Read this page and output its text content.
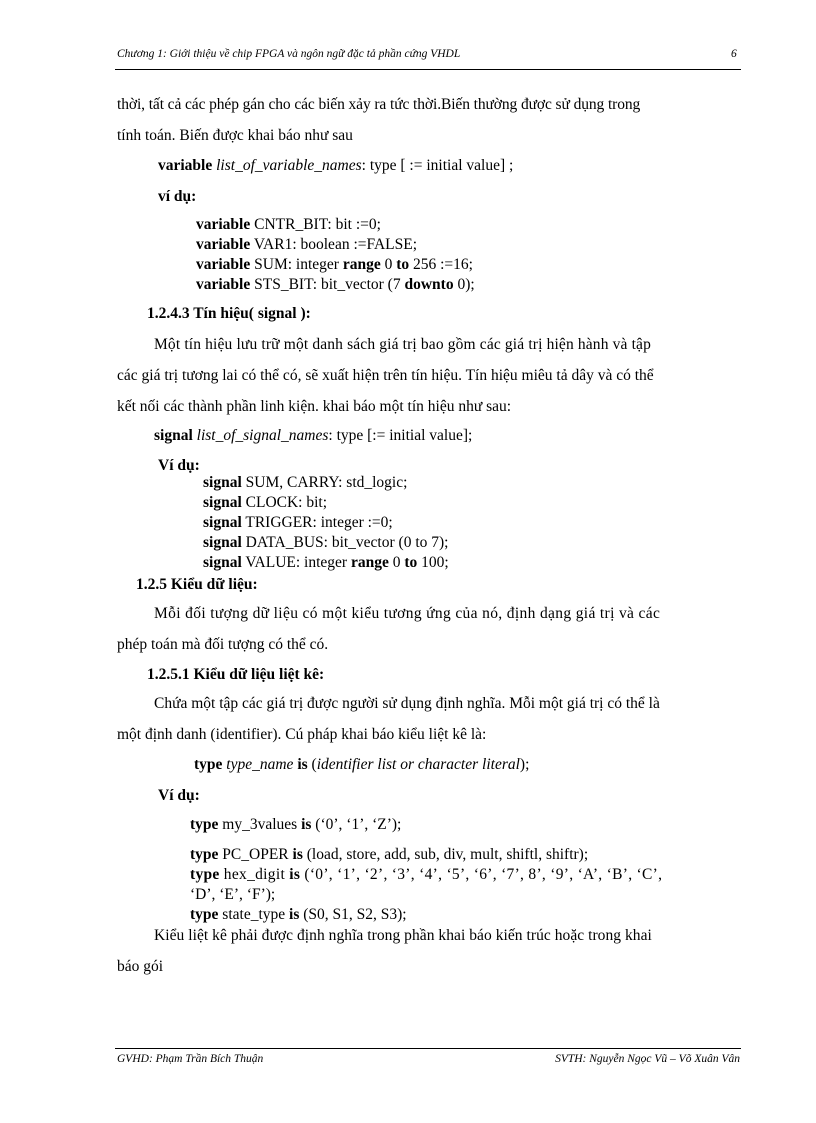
Chương 1: Giới thiệu về chip FPGA và ngôn ngữ đặc tả phần cứng VHDL	6
thời, tất cả các phép gán cho các biến xảy ra tức thời.Biến thường được sử dụng trong
tính toán. Biến được khai báo như sau
variable list_of_variable_names: type [ := initial value] ;
ví dụ:
variable CNTR_BIT: bit :=0;
variable VAR1: boolean :=FALSE;
variable SUM: integer range 0 to 256 :=16;
variable STS_BIT: bit_vector (7 downto 0);
1.2.4.3 Tín hiệu( signal ):
Một tín hiệu lưu trữ một danh sách giá trị bao gồm các giá trị hiện hành và tập
các giá trị tương lai có thể có, sẽ xuất hiện trên tín hiệu. Tín hiệu miêu tả dây và có thể
kết nối các thành phần linh kiện. khai báo một tín hiệu như sau:
signal list_of_signal_names: type [:= initial value];
Ví dụ:
signal SUM, CARRY: std_logic;
signal CLOCK: bit;
signal TRIGGER: integer :=0;
signal DATA_BUS: bit_vector (0 to 7);
signal VALUE: integer range 0 to 100;
1.2.5 Kiểu dữ liệu:
Mỗi đối tượng dữ liệu có một kiểu tương ứng của nó, định dạng giá trị và các
phép toán mà đối tượng có thể có.
1.2.5.1 Kiểu dữ liệu liệt kê:
Chứa một tập các giá trị được người sử dụng định nghĩa. Mỗi một giá trị có thể là
một định danh (identifier). Cú pháp khai báo kiểu liệt kê là:
type type_name is (identifier list or character literal);
Ví dụ:
type my_3values is (‘0’, ‘1’, ‘Z’);
type PC_OPER is (load, store, add, sub, div, mult, shiftl, shiftr);
type hex_digit is (‘0’, ‘1’, ‘2’, ‘3’, ‘4’, ‘5’, ‘6’, ‘7’, 8’, ‘9’, ‘A’, ‘B’, ‘C’,
‘D’, ‘E’, ‘F’);
type state_type is (S0, S1, S2, S3);
Kiểu liệt kê phải được định nghĩa trong phần khai báo kiến trúc hoặc trong khai
báo gói
GVHD: Phạm Trần Bích Thuận	SVTH: Nguyễn Ngọc Vũ – Võ Xuân Vân
